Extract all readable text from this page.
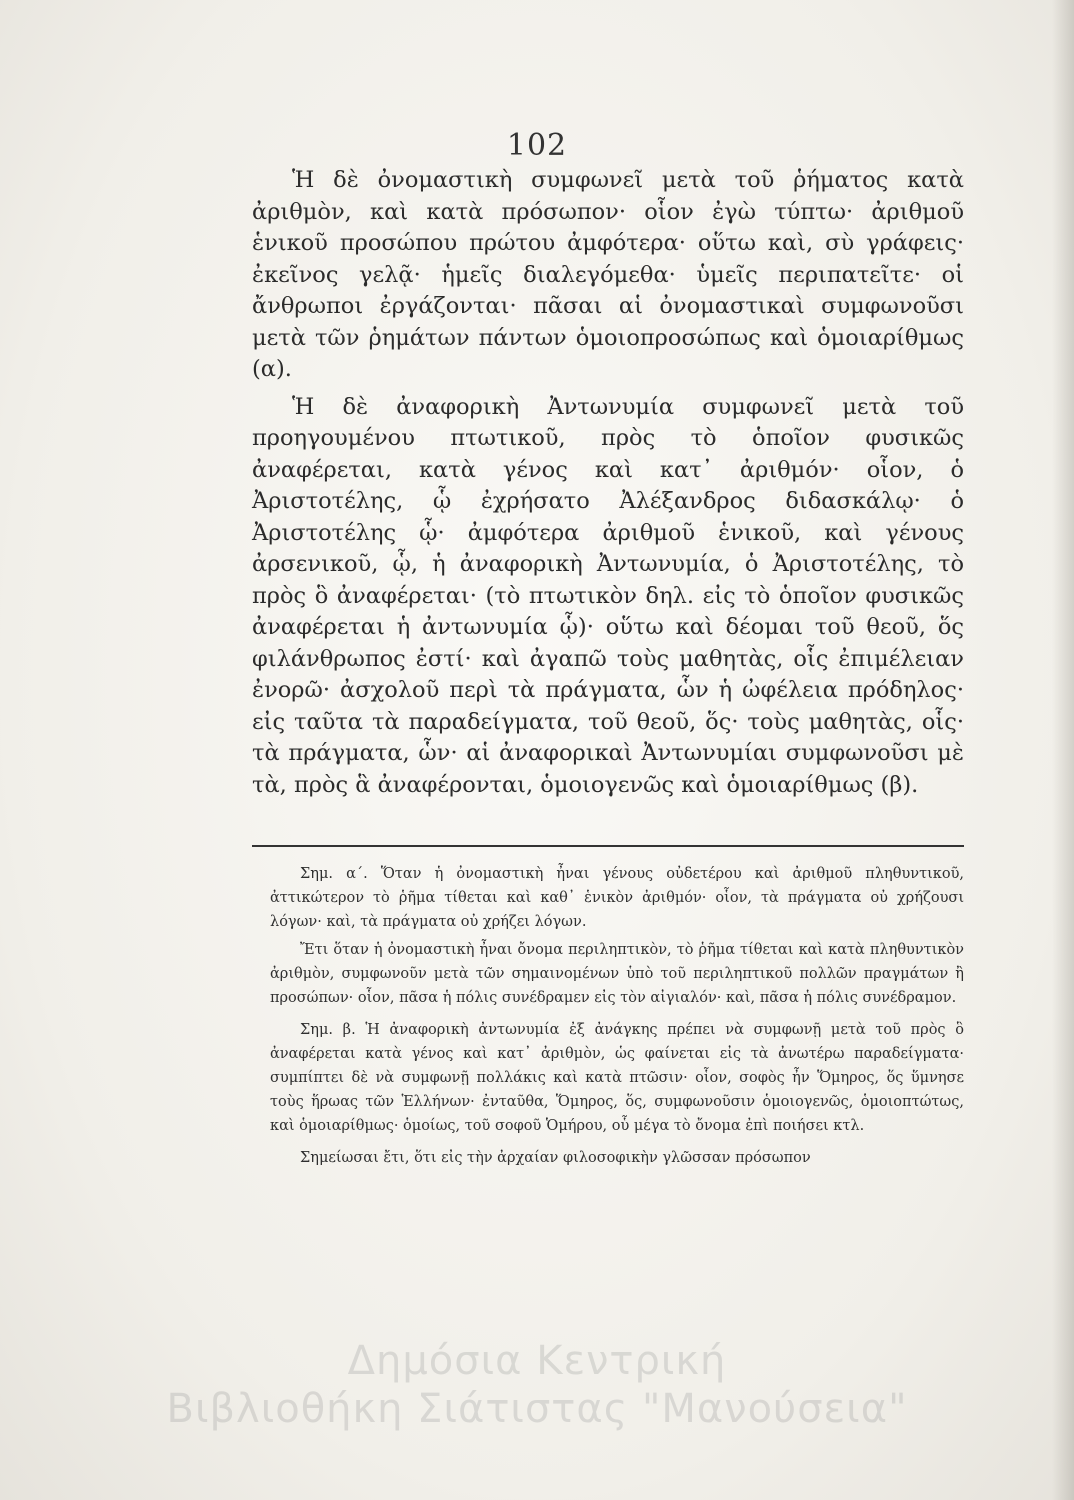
102

Ἡ δὲ ὀνομαστικὴ συμφωνεῖ μετὰ τοῦ ῥήματος κατὰ ἀριθμὸν, καὶ κατὰ πρόσωπον· οἷον ἐγὼ τύπτω· ἀριθμοῦ ἑνικοῦ προσώπου πρώτου ἀμφότερα· οὕτω καὶ, σὺ γράφεις· ἐκεῖνος γελᾷ· ἡμεῖς διαλεγόμεθα· ὑμεῖς περιπατεῖτε· οἱ ἄνθρωποι ἐργάζονται· πᾶσαι αἱ ὀνομαστικαὶ συμφωνοῦσι μετὰ τῶν ῥημάτων πάντων ὁμοιοπροσώπως καὶ ὁμοιαρίθμως (α).

Ἡ δὲ ἀναφορικὴ Ἀντωνυμία συμφωνεῖ μετὰ τοῦ προηγουμένου πτωτικοῦ, πρὸς τὸ ὁποῖον φυσικῶς ἀναφέρεται, κατὰ γένος καὶ κατ᾿ ἀριθμόν· οἷον, ὁ Ἀριστοτέλης, ᾧ ἐχρήσατο Ἀλέξανδρος διδασκάλῳ· ὁ Ἀριστοτέλης ᾧ· ἀμφότερα ἀριθμοῦ ἑνικοῦ, καὶ γένους ἀρσενικοῦ, ᾧ, ἡ ἀναφορικὴ Ἀντωνυμία, ὁ Ἀριστοτέλης, τὸ πρὸς ὃ ἀναφέρεται· (τὸ πτωτικὸν δηλ. εἰς τὸ ὁποῖον φυσικῶς ἀναφέρεται ἡ ἀντωνυμία ᾧ)· οὕτω καὶ δέομαι τοῦ θεοῦ, ὅς φιλάνθρωπος ἐστί· καὶ ἀγαπῶ τοὺς μαθητὰς, οἷς ἐπιμέλειαν ἐνορῶ· ἀσχολοῦ περὶ τὰ πράγματα, ὧν ἡ ὠφέλεια πρόδηλος· εἰς ταῦτα τὰ παραδείγματα, τοῦ θεοῦ, ὅς· τοὺς μαθητὰς, οἷς· τὰ πράγματα, ὧν· αἱ ἀναφορικαὶ Ἀντωνυμίαι συμφωνοῦσι μὲ τὰ, πρὸς ἃ ἀναφέρονται, ὁμοιογενῶς καὶ ὁμοιαρίθμως (β).

Σημ. α΄. Ὅταν ἡ ὀνομαστικὴ ἦναι γένους οὐδετέρου καὶ ἀριθμοῦ πληθυντικοῦ, ἀττικώτερον τὸ ῥῆμα τίθεται καὶ καθ᾿ ἑνικὸν ἀριθμόν· οἷον, τὰ πράγματα οὐ χρήζουσι λόγων· καὶ, τὰ πράγματα οὐ χρήζει λόγων.

Ἔτι ὅταν ἡ ὀνομαστικὴ ἦναι ὄνομα περιληπτικὸν, τὸ ῥῆμα τίθεται καὶ κατὰ πληθυντικὸν ἀριθμὸν, συμφωνοῦν μετὰ τῶν σημαινομένων ὑπὸ τοῦ περιληπτικοῦ πολλῶν πραγμάτων ἢ προσώπων· οἷον, πᾶσα ἡ πόλις συνέδραμεν εἰς τὸν αἰγιαλόν· καὶ, πᾶσα ἡ πόλις συνέδραμον.

Σημ. β. Ἡ ἀναφορικὴ ἀντωνυμία ἐξ ἀνάγκης πρέπει νὰ συμφωνῇ μετὰ τοῦ πρὸς ὃ ἀναφέρεται κατὰ γένος καὶ κατ᾿ ἀριθμὸν, ὡς φαίνεται εἰς τὰ ἀνωτέρω παραδείγματα· συμπίπτει δὲ νὰ συμφωνῇ πολλάκις καὶ κατὰ πτῶσιν· οἷον, σοφὸς ἦν Ὅμηρος, ὅς ὕμνησε τοὺς ἥρωας τῶν Ἑλλήνων· ἐνταῦθα, Ὅμηρος, ὅς, συμφωνοῦσιν ὁμοιογενῶς, ὁμοιοπτώτως, καὶ ὁμοιαρίθμως· ὁμοίως, τοῦ σοφοῦ Ὁμήρου, οὗ μέγα τὸ ὄνομα ἐπὶ ποιήσει κτλ.

Σημείωσαι ἔτι, ὅτι εἰς τὴν ἀρχαίαν φιλοσοφικὴν γλῶσσαν πρόσωπον

Δημόσια Κεντρική
Βιβλιοθήκη Σιάτιστας "Μανούσεια"
